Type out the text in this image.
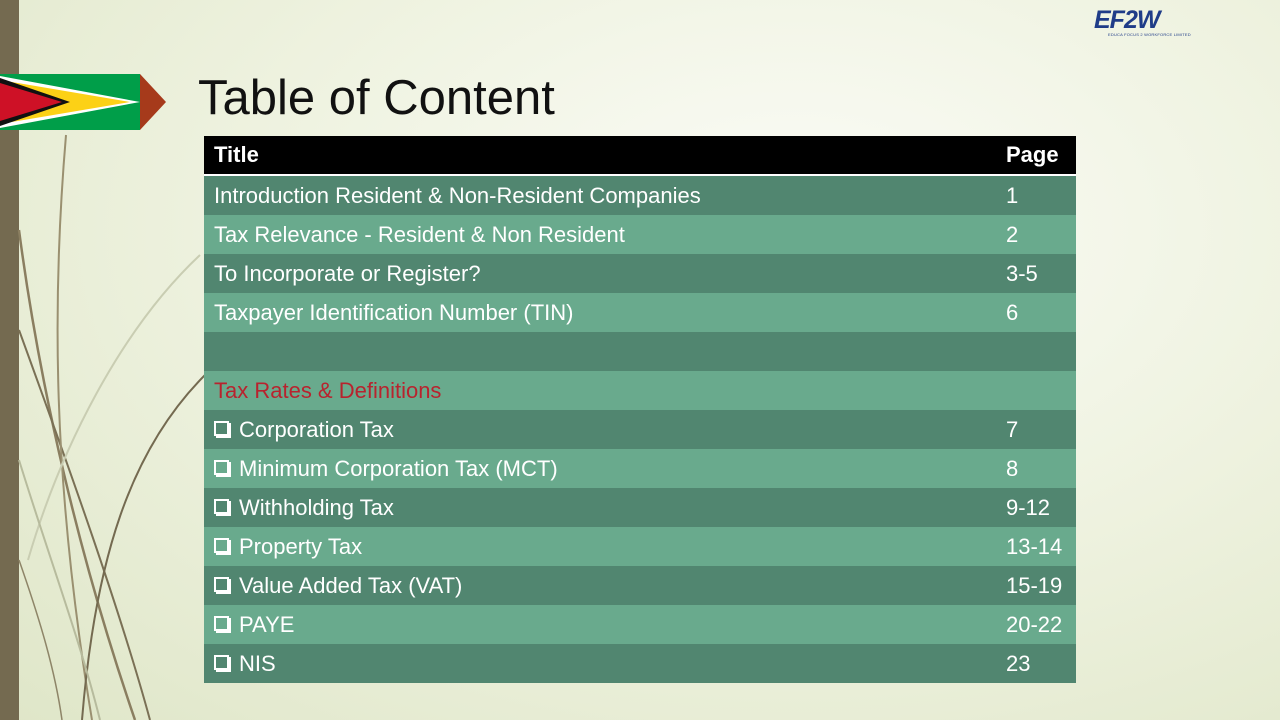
EF2W
EDUCA FOCUS 2 WORKFORCE LIMITED
Table of Content
Title	Page
Introduction Resident & Non-Resident Companies	1
Tax Relevance - Resident & Non Resident	2
To Incorporate or Register?	3-5
Taxpayer Identification Number (TIN)	6

Tax Rates & Definitions	
Corporation Tax	7
Minimum Corporation Tax (MCT)	8
Withholding Tax	9-12
Property Tax	13-14
Value Added Tax (VAT)	15-19
PAYE	20-22
NIS	23
